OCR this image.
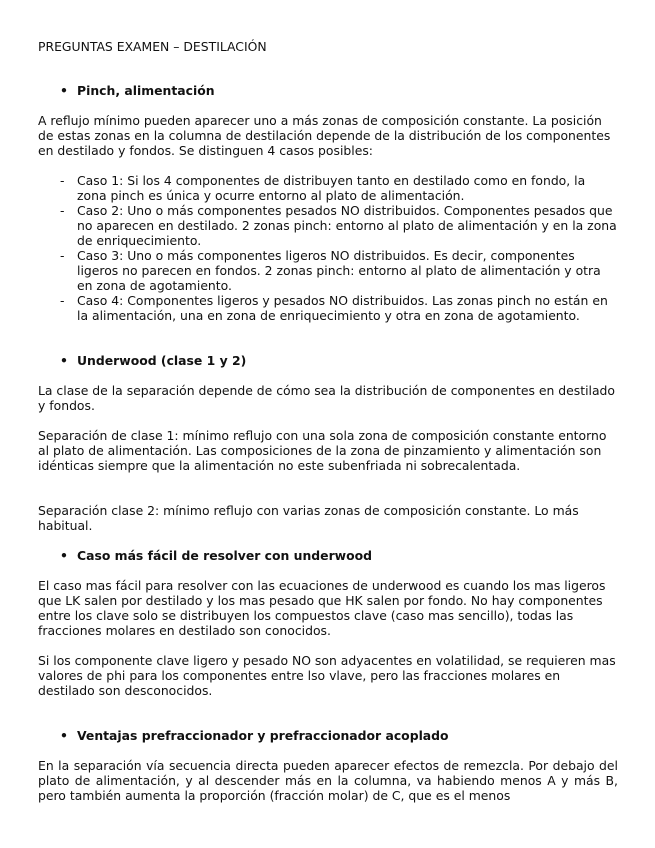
PREGUNTAS EXAMEN – DESTILACIÓN
• Pinch, alimentación

A reflujo mínimo pueden aparecer uno a más zonas de composición constante. La posición de estas zonas en la columna de destilación depende de la distribución de los componentes en destilado y fondos. Se distinguen 4 casos posibles:

- Caso 1: Si los 4 componentes de distribuyen tanto en destilado como en fondo, la zona pinch es única y ocurre entorno al plato de alimentación.
- Caso 2: Uno o más componentes pesados NO distribuidos. Componentes pesados que no aparecen en destilado. 2 zonas pinch: entorno al plato de alimentación y en la zona de enriquecimiento.
- Caso 3: Uno o más componentes ligeros NO distribuidos. Es decir, componentes ligeros no parecen en fondos. 2 zonas pinch: entorno al plato de alimentación y otra en zona de agotamiento.
- Caso 4: Componentes ligeros y pesados NO distribuidos. Las zonas pinch no están en la alimentación, una en zona de enriquecimiento y otra en zona de agotamiento.
• Underwood (clase 1 y 2)

La clase de la separación depende de cómo sea la distribución de componentes en destilado y fondos.

Separación de clase 1: mínimo reflujo con una sola zona de composición constante entorno al plato de alimentación. Las composiciones de la zona de pinzamiento y alimentación son idénticas siempre que la alimentación no este subenfriada ni sobrecalentada.

Separación clase 2: mínimo reflujo con varias zonas de composición constante. Lo más habitual.

• Caso más fácil de resolver con underwood

El caso mas fácil para resolver con las ecuaciones de underwood es cuando los mas ligeros que LK salen por destilado y los mas pesado que HK salen por fondo. No hay componentes entre los clave solo se distribuyen los compuestos clave (caso mas sencillo), todas las fracciones molares en destilado son conocidos.

Si los componente clave ligero y pesado NO son adyacentes en volatilidad, se requieren mas valores de phi para los componentes entre lso vlave, pero las fracciones molares en destilado son desconocidos.

• Ventajas prefraccionador y prefraccionador acoplado

En la separación vía secuencia directa pueden aparecer efectos de remezcla. Por debajo del plato de alimentación, y al descender más en la columna, va habiendo menos A y más B, pero también aumenta la proporción (fracción molar) de C, que es el menos
